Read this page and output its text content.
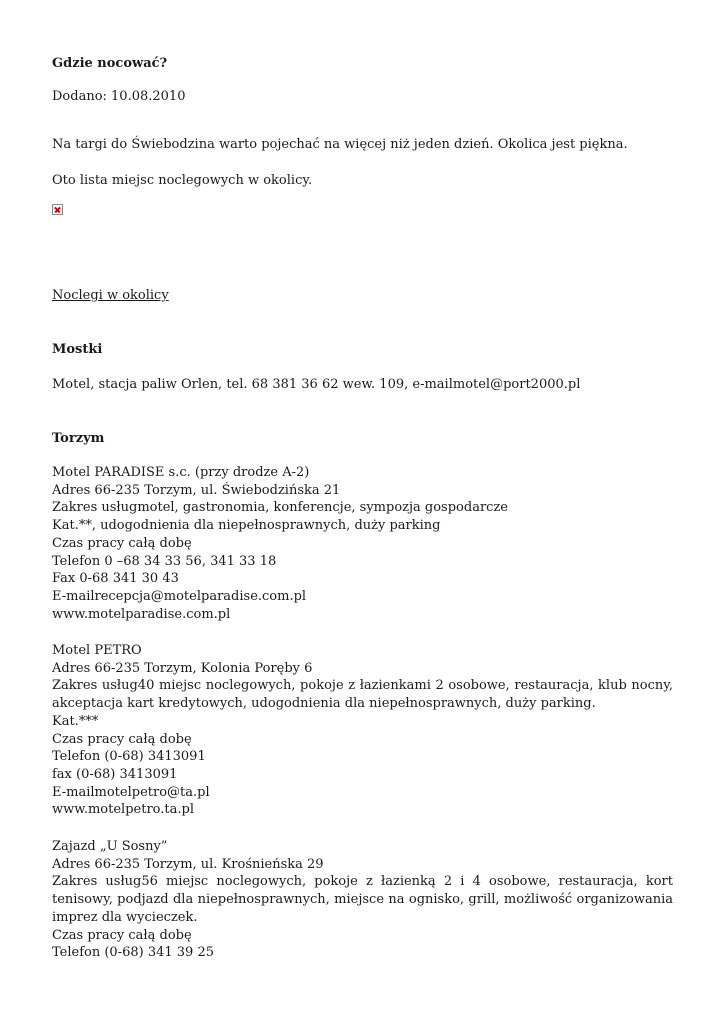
Gdzie nocować?
Dodano: 10.08.2010
Na targi do Świebodzina warto pojechać na więcej niż jeden dzień. Okolica jest piękna.
Oto lista miejsc noclegowych w okolicy.
Noclegi w okolicy
Mostki
Motel, stacja paliw Orlen, tel. 68 381 36 62 wew. 109, e-mailmotel@port2000.pl
Torzym
Motel PARADISE s.c. (przy drodze A-2)
Adres 66-235 Torzym, ul. Świebodzińska 21
Zakres usługmotel, gastronomia, konferencje, sympozja gospodarcze
Kat.**, udogodnienia dla niepełnosprawnych, duży parking
Czas pracy całą dobę
Telefon 0 –68 34 33 56, 341 33 18
Fax 0-68 341 30 43
E-mailrecepcja@motelparadise.com.pl
www.motelparadise.com.pl
Motel PETRO
Adres 66-235 Torzym, Kolonia Poręby 6
Zakres usług40 miejsc noclegowych, pokoje z łazienkami 2 osobowe, restauracja, klub nocny, akceptacja kart kredytowych, udogodnienia dla niepełnosprawnych, duży parking.
Kat.***
Czas pracy całą dobę
Telefon (0-68) 3413091
fax (0-68) 3413091
E-mailmotelpetro@ta.pl
www.motelpetro.ta.pl
Zajazd „U Sosny”
Adres 66-235 Torzym, ul. Krośnieńska 29
Zakres usług56 miejsc noclegowych, pokoje z łazienką 2 i 4 osobowe, restauracja, kort tenisowy, podjazd dla niepełnosprawnych, miejsce na ognisko, grill, możliwość organizowania imprez dla wycieczek.
Czas pracy całą dobę
Telefon (0-68) 341 39 25
